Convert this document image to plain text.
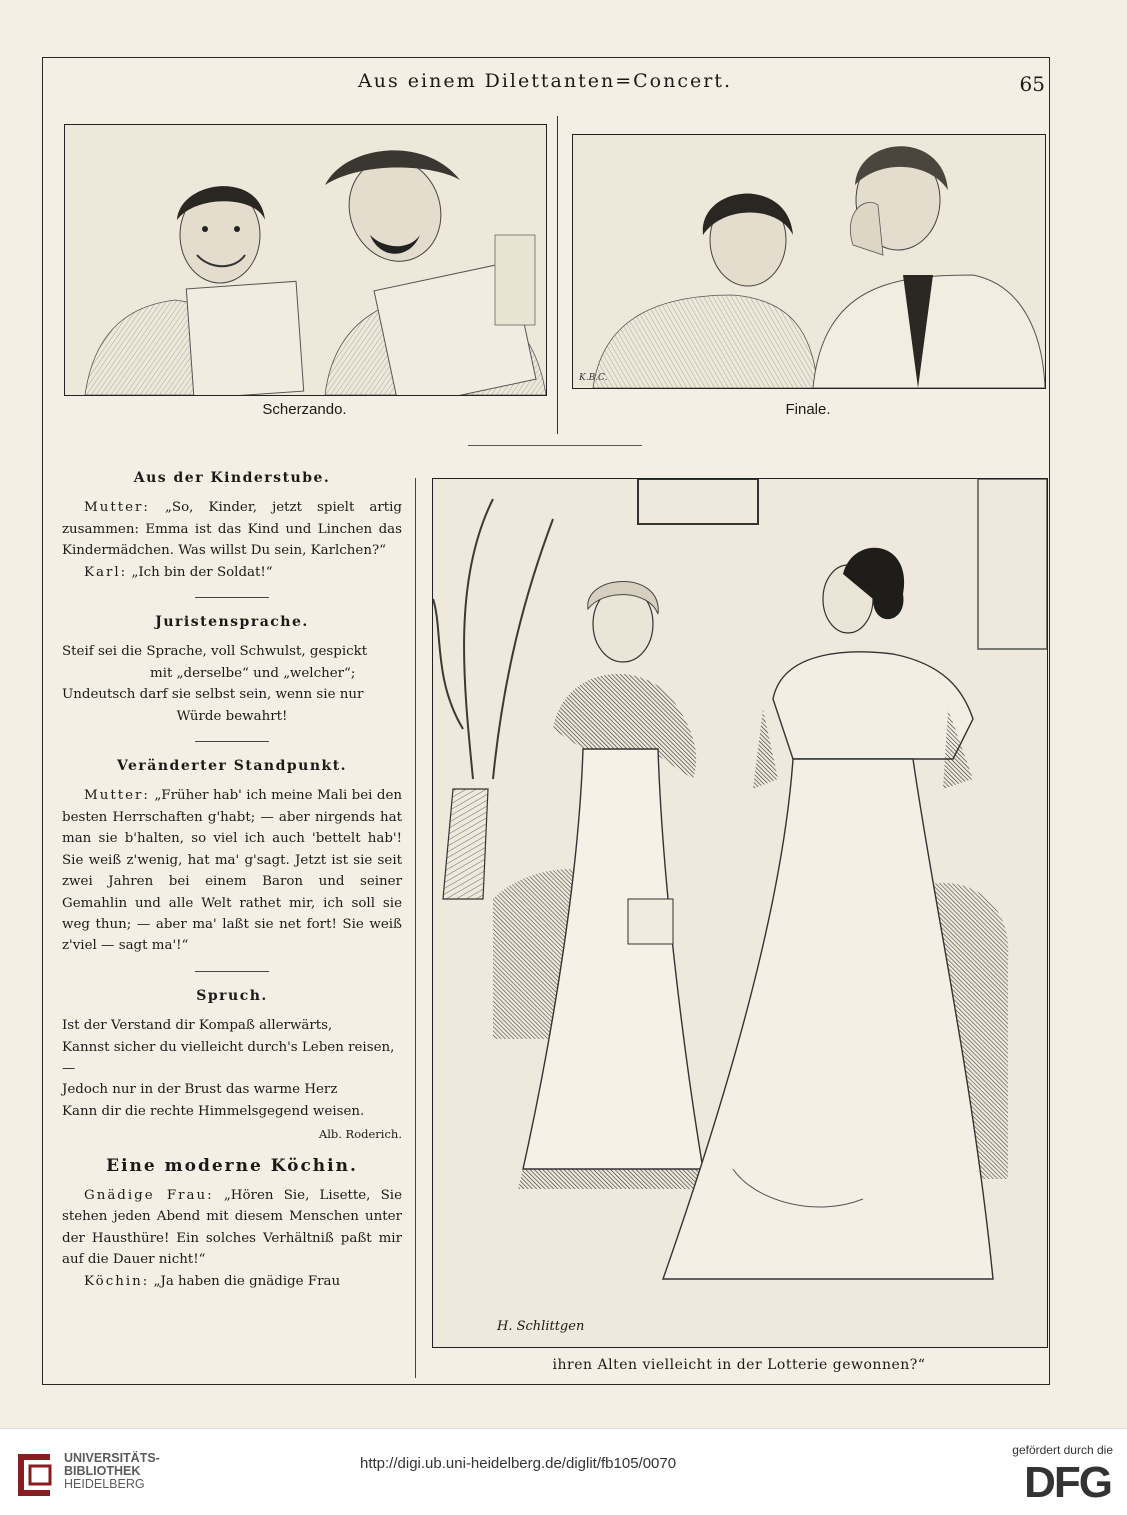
Aus einem Dilettanten=Concert.	65
Scherzando.
K.B.C.
Finale.
Aus der Kinderstube.

Mutter: „So, Kinder, jetzt spielt artig zusammen: Emma ist das Kind und Linchen das Kindermädchen. Was willst Du sein, Karlchen?“

Karl: „Ich bin der Soldat!“

Juristensprache.
Steif sei die Sprache, voll Schwulst, gespickt
mit „derselbe“ und „welcher“;
Undeutsch darf sie selbst sein, wenn sie nur
Würde bewahrt!
Veränderter Standpunkt.

Mutter: „Früher hab' ich meine Mali bei den besten Herrschaften g'habt; — aber nirgends hat man sie b'halten, so viel ich auch 'bettelt hab'! Sie weiß z'wenig, hat ma' g'sagt. Jetzt ist sie seit zwei Jahren bei einem Baron und seiner Gemahlin und alle Welt rathet mir, ich soll sie weg thun; — aber ma' laßt sie net fort! Sie weiß z'viel — sagt ma'!“

Spruch.
Ist der Verstand dir Kompaß allerwärts,
Kannst sicher du vielleicht durch's Leben reisen, —
Jedoch nur in der Brust das warme Herz
Kann dir die rechte Himmelsgegend weisen.
Alb. Roderich.
Eine moderne Köchin.

Gnädige Frau: „Hören Sie, Lisette, Sie stehen jeden Abend mit diesem Menschen unter der Hausthüre! Ein solches Verhältniß paßt mir auf die Dauer nicht!“

Köchin: „Ja haben die gnädige Frau

H. Schlittgen
ihren Alten vielleicht in der Lotterie gewonnen?“
UNIVERSITÄTS-
BIBLIOTHEK
HEIDELBERG
http://digi.ub.uni-heidelberg.de/diglit/fb105/0070
gefördert durch die
DFG
